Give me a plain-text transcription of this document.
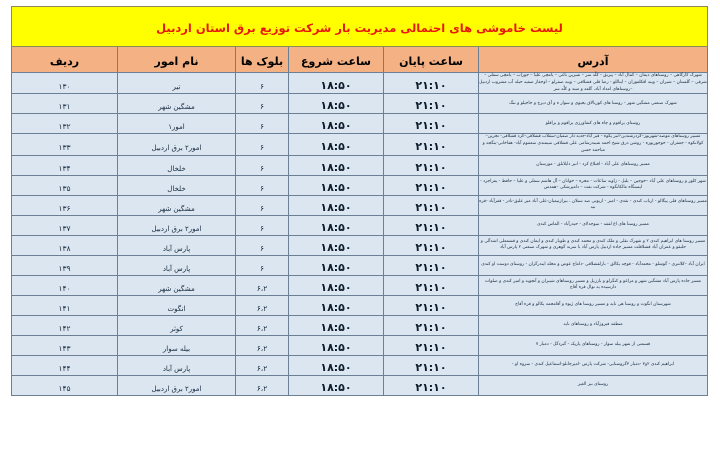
لیست خاموشی های احتمالی مدیریت بار شرکت توزیع برق استان اردبیل					
آدرس	ساعت پایان	ساعت شروع	بلوک ها	نام امور	ردیف

شهرک کارگاهی – روستاهای دیمان – کمال آباد – پیرنق - کلّه سر – شیرین باغی – یامچی علیا – جوراب – یامچی سفلی –شرقی – گلستان – شیران – وینه اقکلفوران – ایناللو - رضا قلی قشلاقی – ویبه صفرلو – اوجغاز صفیه حیله آب مشروب اردبیل –روستاهای امداد آباد، گلعه و مبند و کلّه سر	۲۱:۱۰	۱۸:۵۰	۶	تیر	۱۳۰

شهرک صنعتی مشگین شهر - روستا های کوربالاق یحیوی و سوار ه و آق دیزج و حاجیلو و تنگ	۲۱:۱۰	۱۸:۵۰	۶	مشگین شهر	۱۳۱

روستای یراقوم و چاه های کشاورزی یراقوم و براقلو	۲۱:۱۰	۱۸:۵۰	۶	امور۱	۱۳۲

مسیر روستاهای موصه-شهریور–کردرشتدین-انبر پکوه - قبر آباد-جدید دار صفیان-سقلاب قشلاقی–کرد قشلاقی- تجرین–کولانکوه - جعفران - حوجورپوره - روشن درق شیخ احمد شیندرشامی علی قشلاقی سیمندی سعموم آباد- هفاخانی-ینگجه و مباحمد حسن	۲۱:۱۰	۱۸:۵۰	۶	امور۲ برق اردبیل	۱۳۳

مسیر روستاهای علی آباد - اقبلاغ کرد - انبر دایلانلق - مورستان	۲۱:۱۰	۱۸:۵۰	۶	خلخال	۱۳۴

شهر کلور و روستاهای علی آباد –خوجین – بلبل - زاویه ساعات - مجره – خوانان – آل هاشم سفلی و علیا – حافظ - یفراجرد - ایستگاه مالکانگوه - شرکت نفت – دامپزشکی –همدس	۲۱:۱۰	۱۸:۵۰	۶	خلخال	۱۳۵

مسیر روستاهای قلی پیگالو - ارباب کندی - نقدی - امیر - اربوتی صد سبلان ، بیرازتیمیان-علی آباد میر علیق-نادر - قفرآباد -قره نیه	۲۱:۱۰	۱۸:۵۰	۶	مشگین شهر	۱۳۶

مسیر روستا های اغ لقفه - سوجدلای - حیدرآباد - الماس کندی	۲۱:۱۰	۱۸:۵۰	۶	امور۲ برق اردبیل	۱۳۷

مسیر روستا های ابراهیم کندی ۲ و شهرک نقلی و ملک کندی و محمد کندی و طوبار کندی و ایمان کندی و قشمعلی اشدآلی و حلبقو و عمران آباد قشلاقلت مسیر جاده اردبیل پارس آباد با سرند گوهری و شهرک صنعتی ۲ پارس آباد	۲۱:۱۰	۱۸:۵۰	۶	پارس آباد	۱۳۸

ایران آباد –کلانتری - گوشلو - محمدآباد - قوچه یکالق - بارلقشلاقی -داماج عوض و محله ایندرگران - روستای دوست او کندی	۲۱:۱۰	۱۸:۵۰	۶	پارس آباد	۱۳۹

مسیر جاده پارس آباد مشگین شهر و مراغو و کنگرلو و بارزیل و مسیر روستاهای شیبران و آتجویه و امیر کندی و صلوات دارسیده یه نوال قره آقاج	۲۱:۱۰	۱۸:۵۰	۶،۲	مشگین شهر	۱۴۰

شهرستان انگوت و روستا هی نایه و مسیر روستا های ژیوه و آقامحمد یکالو و قره آقاج	۲۱:۱۰	۱۸:۵۰	۶،۲	انگوت	۱۴۱

منطقه فیروزآباد و روستاهای نایه	۲۱:۱۰	۱۸:۵۰	۶،۲	کوثر	۱۴۲

قسمتی از شهر بیله سوار - روستاهای پاریک - گبردگل - دمبار ۷	۲۱:۱۰	۱۸:۵۰	۶،۲	بیله سوار	۱۴۳

ابراهیم کندی ۲و۳ -دمبار ۳گروستایی- شرکت پارس -امیرجانلو-اسماعیل کندی - سروه او -	۲۱:۱۰	۱۸:۵۰	۶،۲	پارس آباد	۱۴۴

روستای بیر الغیر	۲۱:۱۰	۱۸:۵۰	۶،۲	امور۲ برق اردبیل	۱۴۵
